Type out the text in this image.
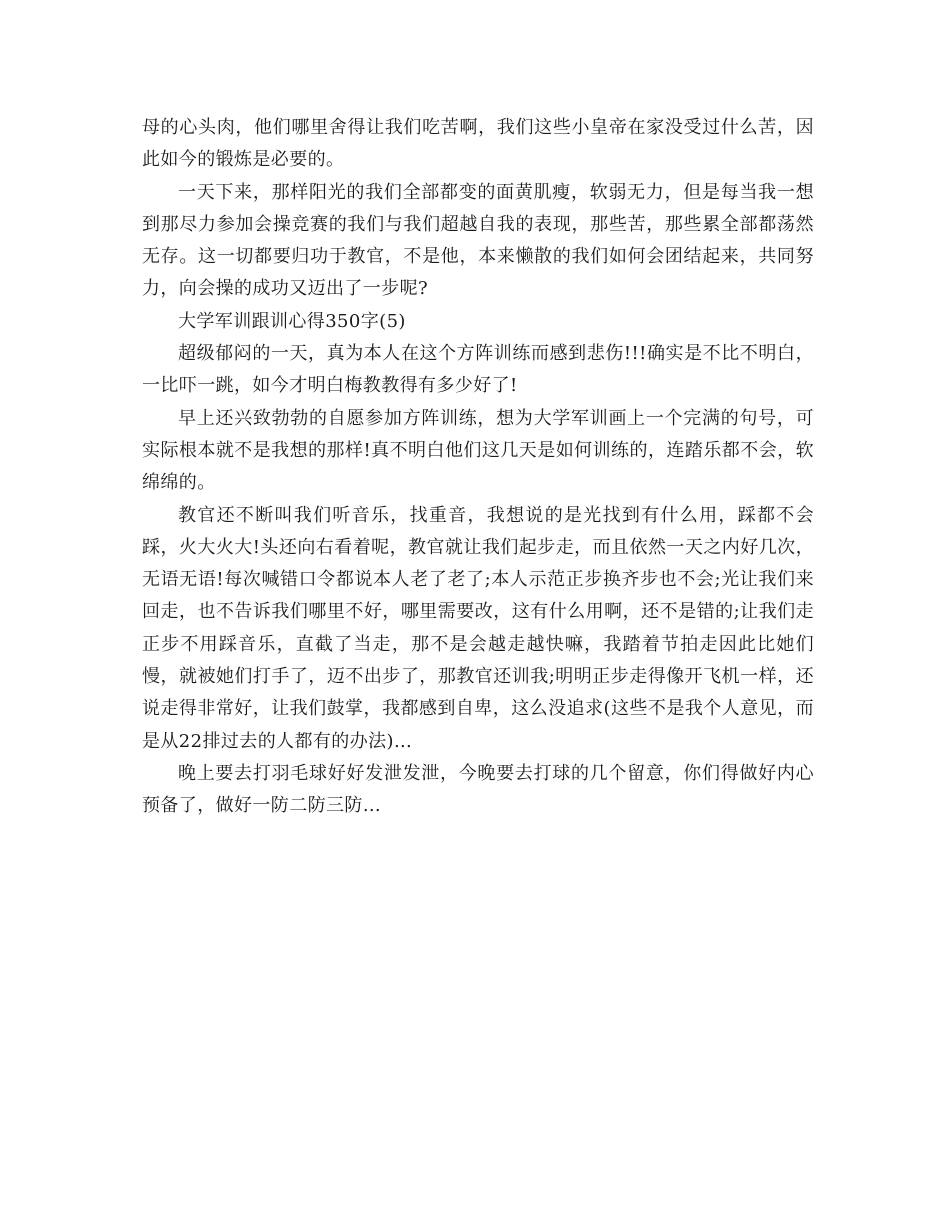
母的心头肉，他们哪里舍得让我们吃苦啊，我们这些小皇帝在家没受过什么苦，因此如今的锻炼是必要的。

一天下来，那样阳光的我们全部都变的面黄肌瘦，软弱无力，但是每当我一想到那尽力参加会操竞赛的我们与我们超越自我的表现，那些苦，那些累全部都荡然无存。这一切都要归功于教官，不是他，本来懒散的我们如何会团结起来，共同努力，向会操的成功又迈出了一步呢?

大学军训跟训心得350字(5)

超级郁闷的一天，真为本人在这个方阵训练而感到悲伤!!!确实是不比不明白，一比吓一跳，如今才明白梅教教得有多少好了!

早上还兴致勃勃的自愿参加方阵训练，想为大学军训画上一个完满的句号，可实际根本就不是我想的那样!真不明白他们这几天是如何训练的，连踏乐都不会，软绵绵的。

教官还不断叫我们听音乐，找重音，我想说的是光找到有什么用，踩都不会踩，火大火大!头还向右看着呢，教官就让我们起步走，而且依然一天之内好几次，无语无语!每次喊错口令都说本人老了老了;本人示范正步换齐步也不会;光让我们来回走，也不告诉我们哪里不好，哪里需要改，这有什么用啊，还不是错的;让我们走正步不用踩音乐，直截了当走，那不是会越走越快嘛，我踏着节拍走因此比她们慢，就被她们打手了，迈不出步了，那教官还训我;明明正步走得像开飞机一样，还说走得非常好，让我们鼓掌，我都感到自卑，这么没追求(这些不是我个人意见，而是从22排过去的人都有的办法)…

晚上要去打羽毛球好好发泄发泄，今晚要去打球的几个留意，你们得做好内心预备了，做好一防二防三防…
